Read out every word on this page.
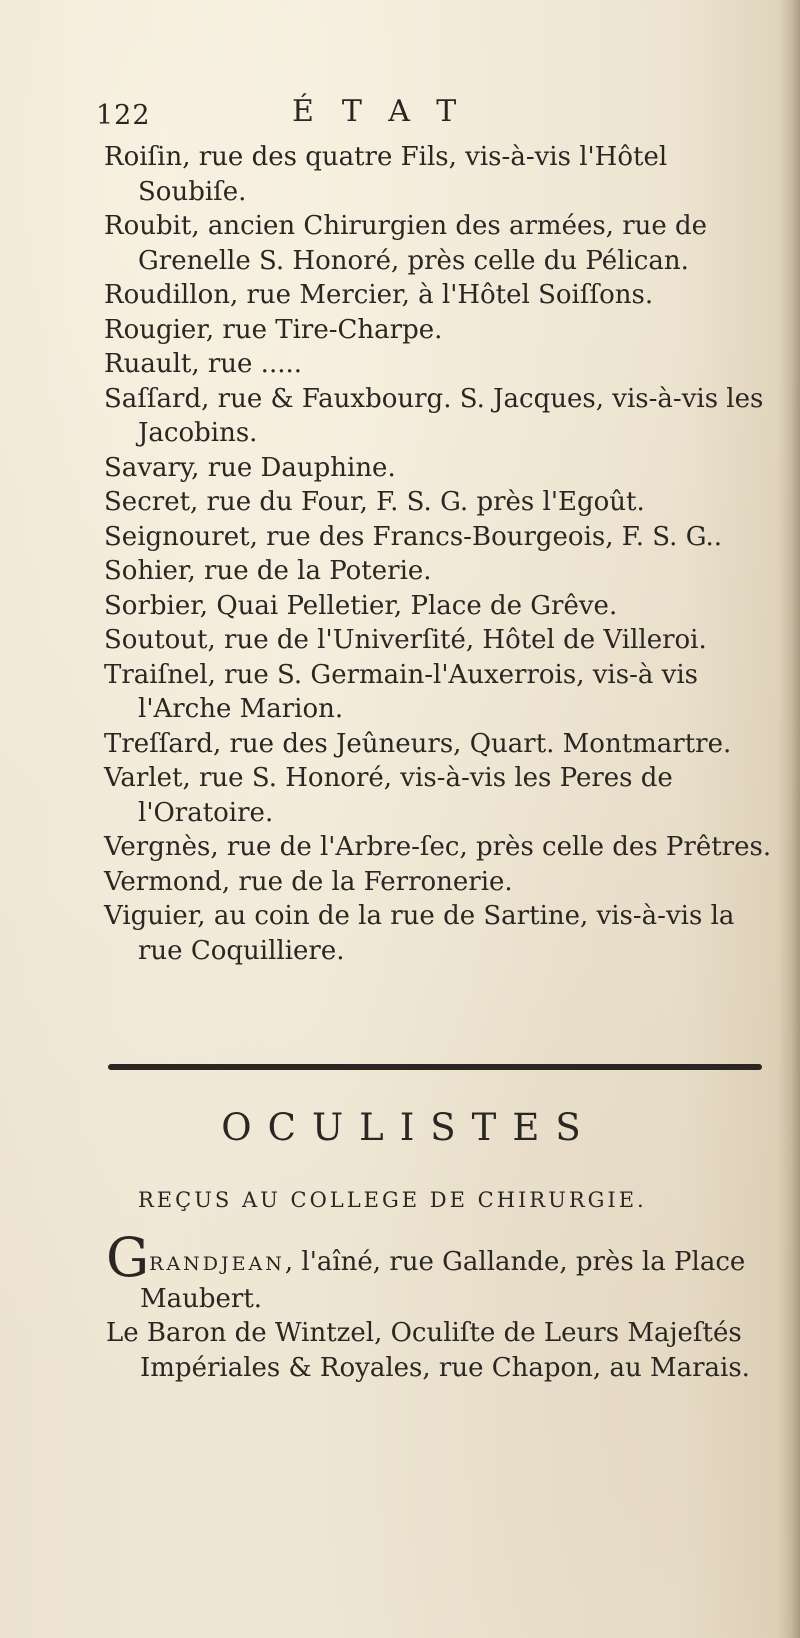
122	ÉTAT

Roiſin, rue des quatre Fils, vis-à-vis l'Hôtel Soubiſe.

Roubit, ancien Chirurgien des armées, rue de Grenelle S. Honoré, près celle du Pélican.

Roudillon, rue Mercier, à l'Hôtel Soiſſons.

Rougier, rue Tire-Charpe.

Ruault, rue .....

Saſſard, rue & Fauxbourg. S. Jacques, vis-à-vis les Jacobins.

Savary, rue Dauphine.

Secret, rue du Four, F. S. G. près l'Egoût.

Seignouret, rue des Francs-Bourgeois, F. S. G..

Sohier, rue de la Poterie.

Sorbier, Quai Pelletier, Place de Grêve.

Soutout, rue de l'Univerſité, Hôtel de Villeroi.

Traiſnel, rue S. Germain-l'Auxerrois, vis-à vis l'Arche Marion.

Treſſard, rue des Jeûneurs, Quart. Montmartre.

Varlet, rue S. Honoré, vis-à-vis les Peres de l'Oratoire.

Vergnès, rue de l'Arbre-ſec, près celle des Prêtres.

Vermond, rue de la Ferronerie.

Viguier, au coin de la rue de Sartine, vis-à-vis la rue Coquilliere.

OCULISTES
REÇUS AU COLLEGE DE CHIRURGIE.

GRANDJEAN, l'aîné, rue Gallande, près la Place Maubert.

Le Baron de Wintzel, Oculiſte de Leurs Majeſtés Impériales & Royales, rue Chapon, au Marais.
